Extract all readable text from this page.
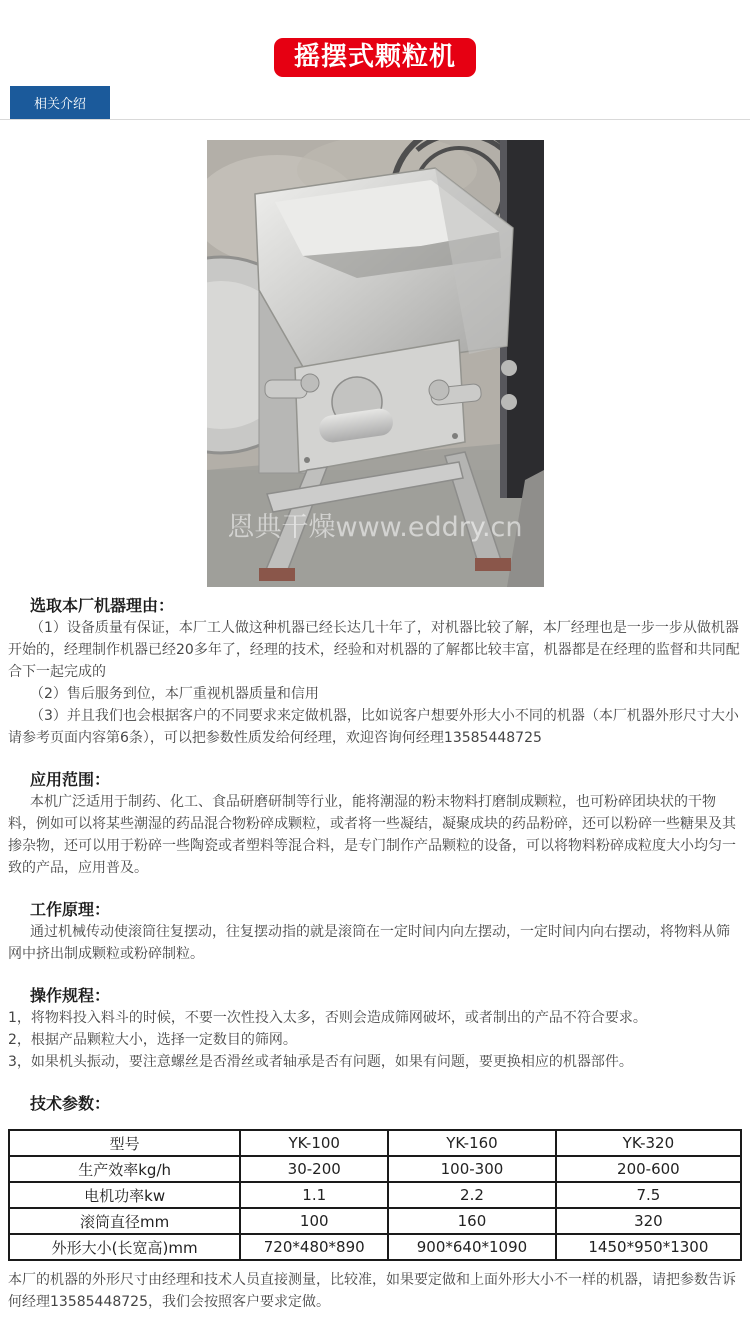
摇摆式颗粒机
相关介绍
恩典干燥www.eddry.cn

选取本厂机器理由：

（1）设备质量有保证，本厂工人做这种机器已经长达几十年了，对机器比较了解，本厂经理也是一步一步从做机器开始的，经理制作机器已经20多年了，经理的技术，经验和对机器的了解都比较丰富，机器都是在经理的监督和共同配合下一起完成的

（2）售后服务到位，本厂重视机器质量和信用

（3）并且我们也会根据客户的不同要求来定做机器，比如说客户想要外形大小不同的机器（本厂机器外形尺寸大小请参考页面内容第6条），可以把参数性质发给何经理，欢迎咨询何经理13585448725

应用范围：

本机广泛适用于制药、化工、食品研磨研制等行业，能将潮湿的粉末物料打磨制成颗粒，也可粉碎团块状的干物料，例如可以将某些潮湿的药品混合物粉碎成颗粒，或者将一些凝结，凝聚成块的药品粉碎，还可以粉碎一些糖果及其掺杂物，还可以用于粉碎一些陶瓷或者塑料等混合料，是专门制作产品颗粒的设备，可以将物料粉碎成粒度大小均匀一致的产品，应用普及。

工作原理：

通过机械传动使滚筒往复摆动，往复摆动指的就是滚筒在一定时间内向左摆动，一定时间内向右摆动，将物料从筛网中挤出制成颗粒或粉碎制粒。

操作规程：

1，将物料投入料斗的时候，不要一次性投入太多，否则会造成筛网破坏，或者制出的产品不符合要求。

2，根据产品颗粒大小，选择一定数目的筛网。

3，如果机头振动，要注意螺丝是否滑丝或者轴承是否有问题，如果有问题，要更换相应的机器部件。

技术参数：

型号	YK-100	YK-160	YK-320
生产效率kg/h	30-200	100-300	200-600
电机功率kw	1.1	2.2	7.5
滚筒直径mm	100	160	320
外形大小(长宽高)mm	720*480*890	900*640*1090	1450*950*1300

本厂的机器的外形尺寸由经理和技术人员直接测量，比较准，如果要定做和上面外形大小不一样的机器，请把参数告诉何经理13585448725，我们会按照客户要求定做。
